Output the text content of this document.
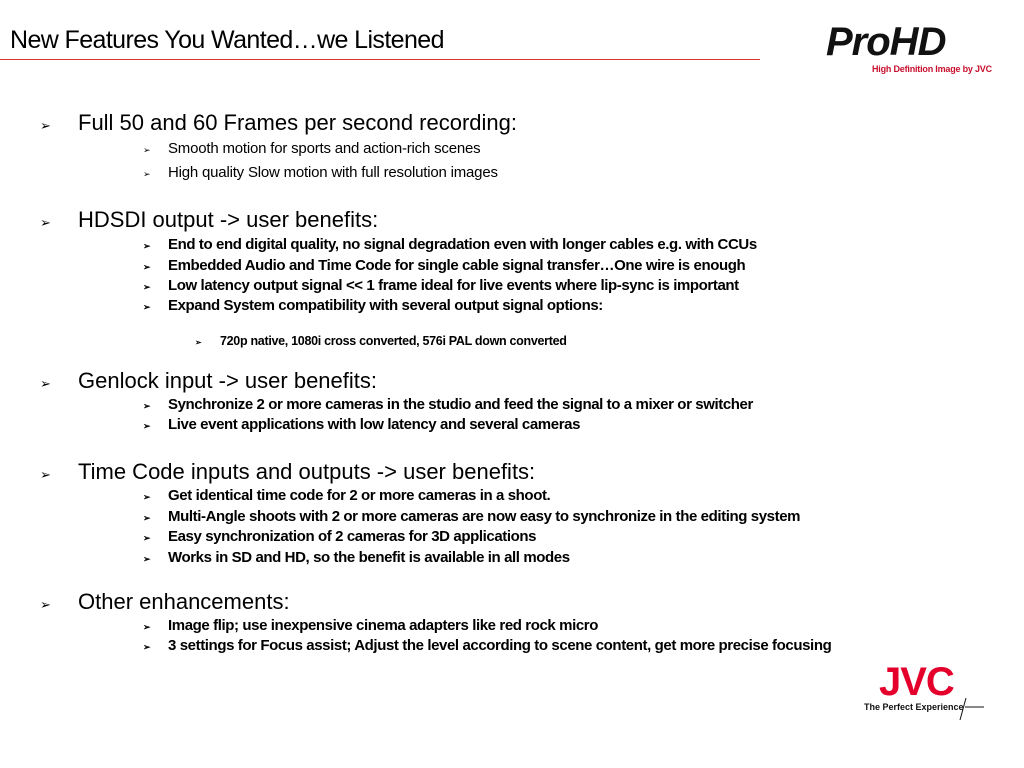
New Features You Wanted…we Listened	ProHD
High Definition Image by JVC
➢	Full 50 and 60 Frames per second recording:
➢	Smooth motion for sports and action-rich scenes
➢	High quality Slow motion with full resolution images
➢	HDSDI output -> user benefits:
➢	End to end digital quality, no signal degradation even with longer cables e.g. with CCUs
➢	Embedded Audio and Time Code for single cable signal transfer…One wire is enough
➢	Low latency output signal << 1 frame ideal for live events where lip-sync is important
➢	Expand System compatibility with several output signal options:
➢	720p native, 1080i cross converted, 576i PAL down converted
➢	Genlock input -> user benefits:
➢	Synchronize 2 or more cameras in the studio and feed the signal to a mixer or switcher
➢	Live event applications with low latency and several cameras
➢	Time Code inputs and outputs -> user benefits:
➢	Get identical time code for 2 or more cameras in a shoot.
➢	Multi-Angle shoots with 2 or more cameras are now easy to synchronize in the editing system
➢	Easy synchronization of 2 cameras for 3D applications
➢	Works in SD and HD, so the benefit is available in all modes
➢	Other enhancements:
➢	Image flip; use inexpensive cinema adapters like red rock micro
➢	3 settings for Focus assist; Adjust the level according to scene content, get more precise focusing
JVC
The Perfect Experience
